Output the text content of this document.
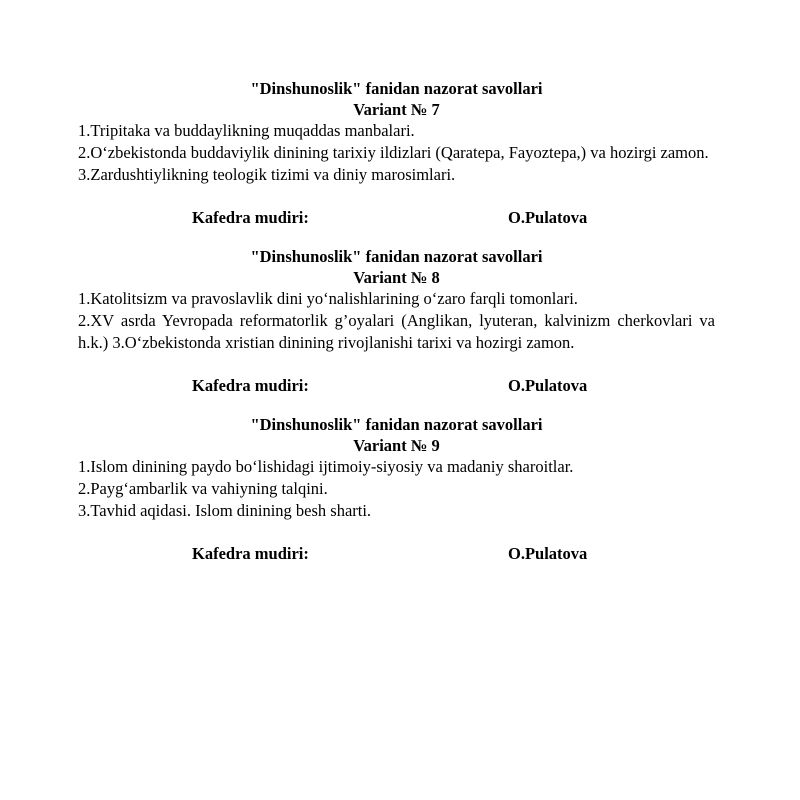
"Dinshunoslik" fanidan nazorat savollari
Variant № 7

1.Tripitaka va buddaylikning muqaddas manbalari.

2.O‘zbekistonda buddaviylik dinining tarixiy ildizlari (Qaratepa, Fayoztepa,) va hozirgi zamon.

3.Zardushtiylikning teologik tizimi va diniy marosimlari.

Kafedra mudiri:	O.Pulatova
"Dinshunoslik" fanidan nazorat savollari
Variant № 8

1.Katolitsizm va pravoslavlik dini yo‘nalishlarining o‘zaro farqli tomonlari.

2.XV asrda Yevropada reformatorlik g’oyalari (Anglikan, lyuteran, kalvinizm cherkovlari va h.k.) 3.O‘zbekistonda xristian dinining rivojlanishi tarixi va hozirgi zamon.

Kafedra mudiri:	O.Pulatova
"Dinshunoslik" fanidan nazorat savollari
Variant № 9

1.Islom dinining paydo bo‘lishidagi ijtimoiy-siyosiy va madaniy sharoitlar.

2.Payg‘ambarlik va vahiyning talqini.

3.Tavhid aqidasi. Islom dinining besh sharti.

Kafedra mudiri:	O.Pulatova
